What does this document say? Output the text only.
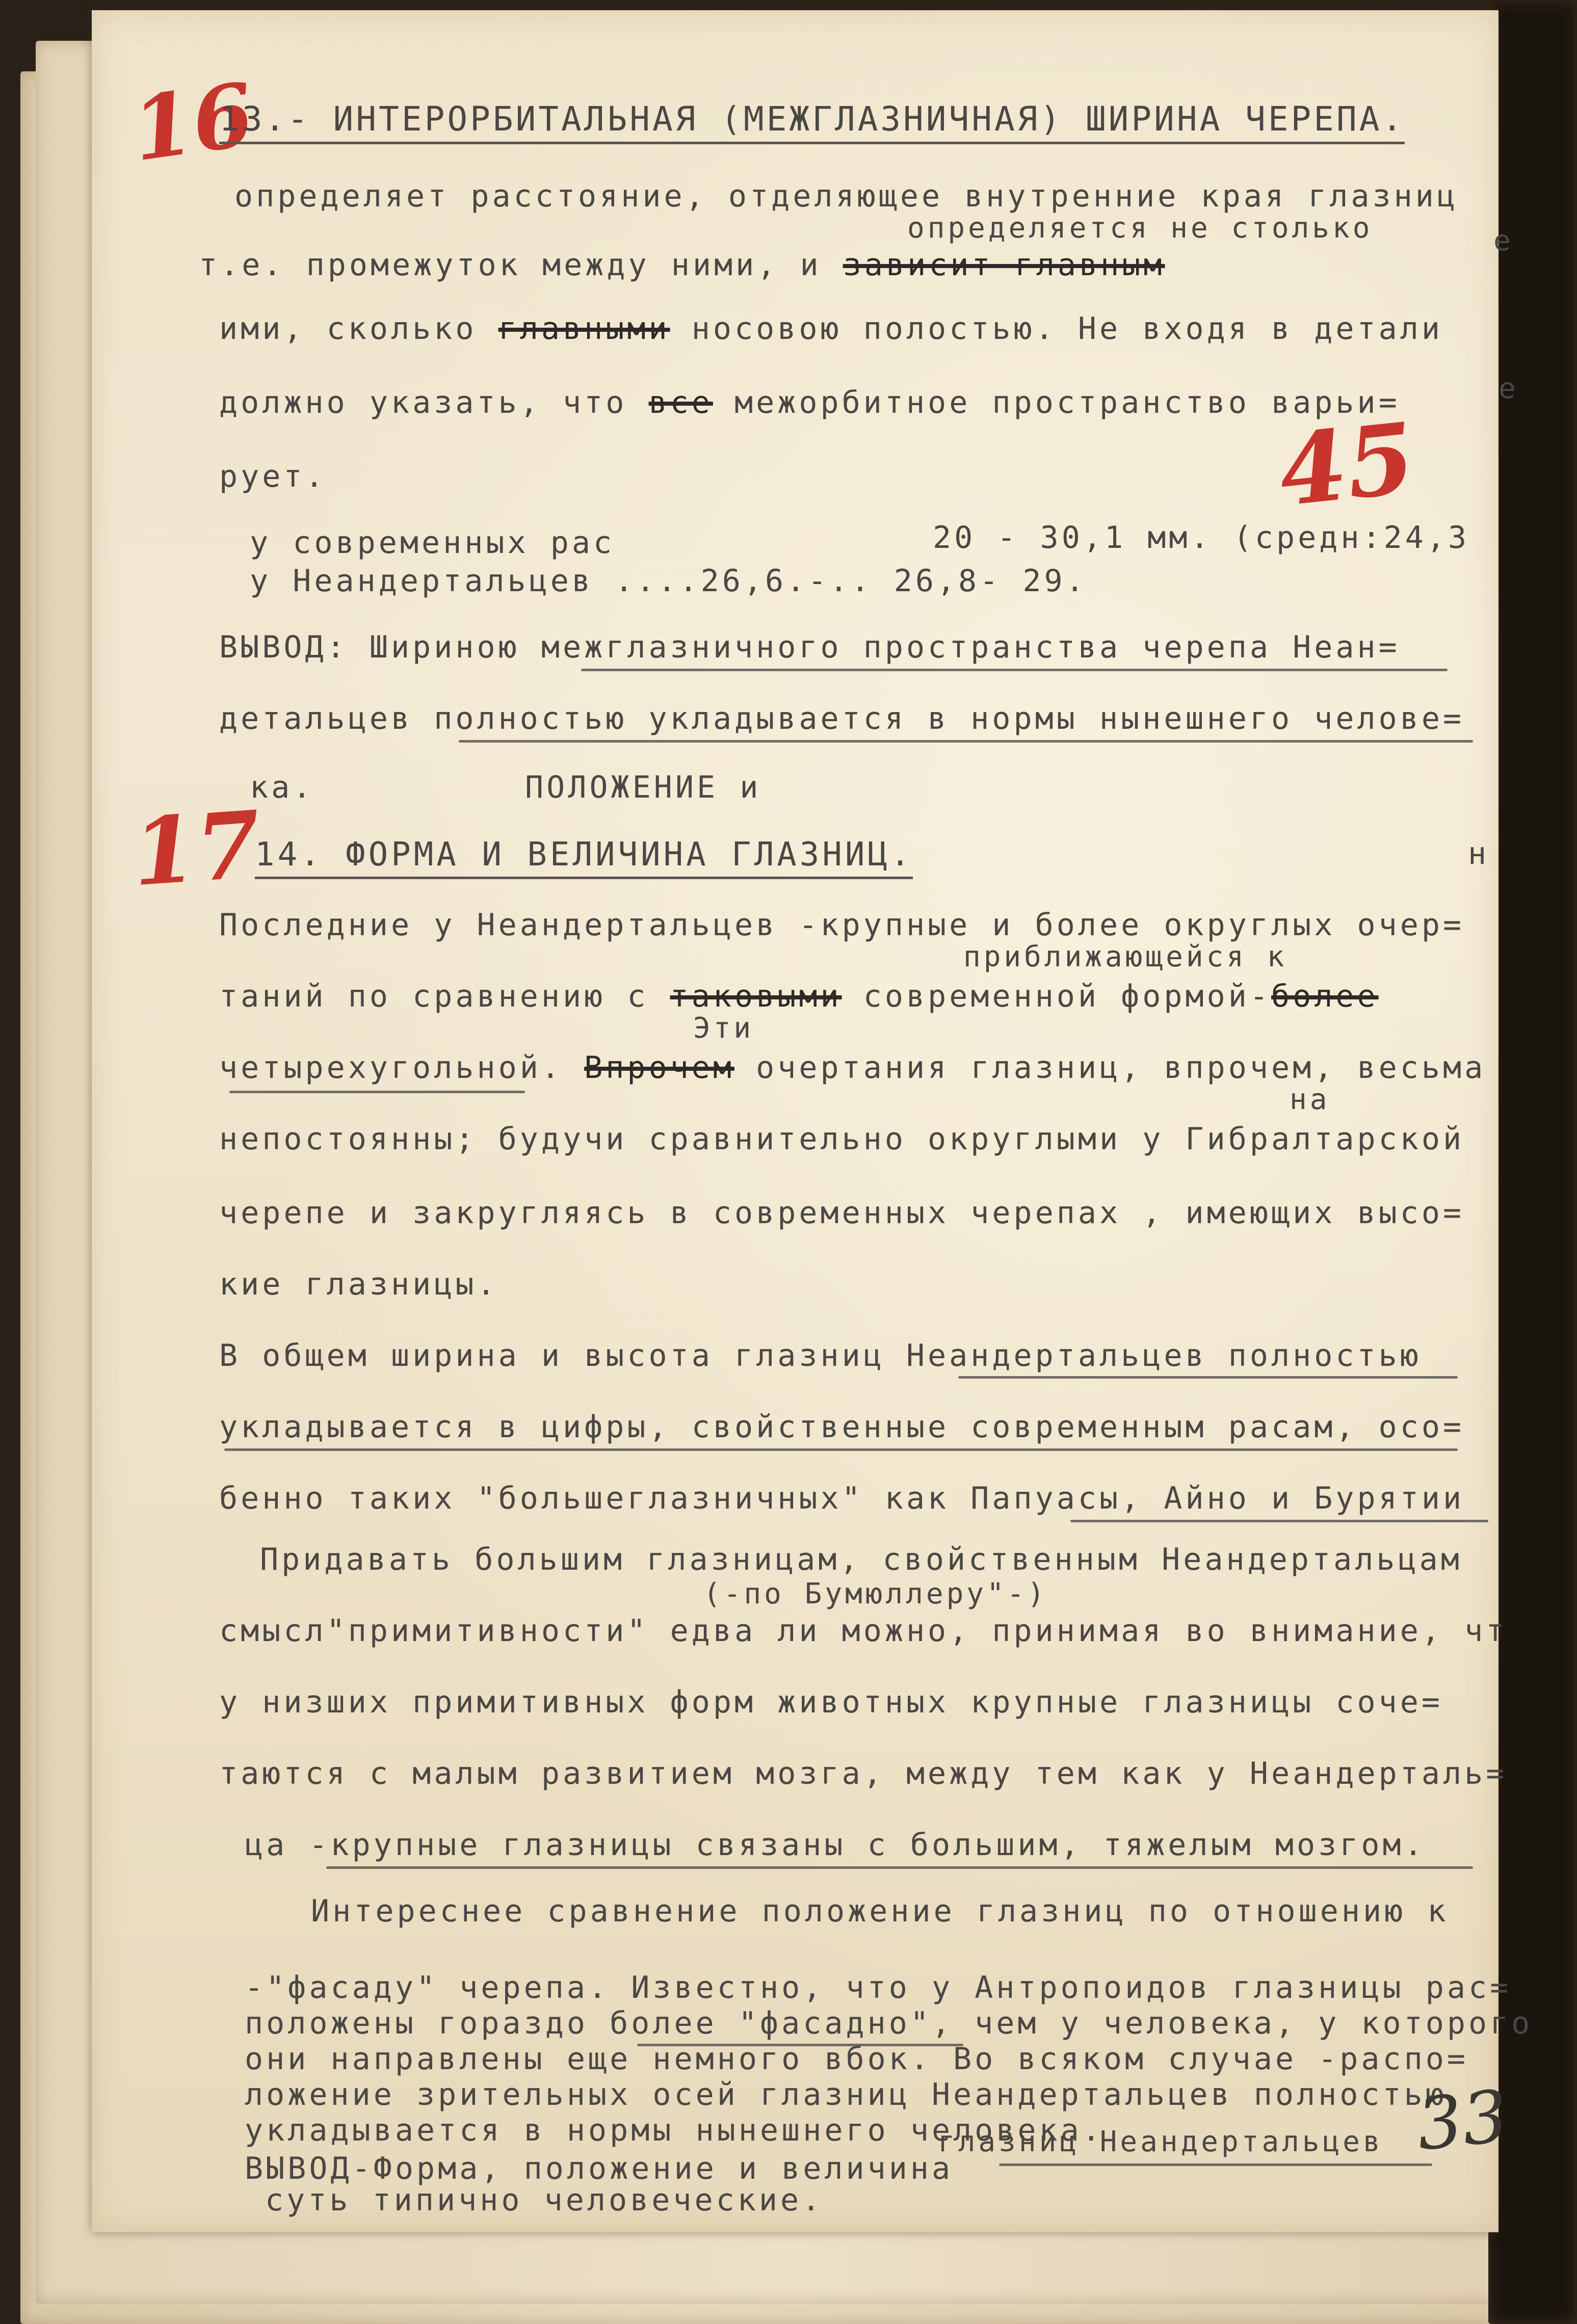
16
45
17
е
е
13.- ИНТЕРОРБИТАЛЬНАЯ (МЕЖГЛАЗНИЧНАЯ) ШИРИНА ЧЕРЕПА.
определяет расстояние, отделяющее внутренние края глазниц
определяется не столько
т.е. промежуток между ними, и зависит главным
ими, сколько главными носовою полостью. Не входя в детали
должно указать, что все межорбитное пространство варьи=
рует.
у современных рас	20 - 30,1 мм. (средн:24,3
у Неандертальцев ....26,6.-.. 26,8- 29.
ВЫВОД: Шириною межглазничного пространства черепа Неан=
детальцев полностью укладывается в нормы нынешнего челове=
ка.	ПОЛОЖЕНИЕ и
14. ФОРМА И ВЕЛИЧИНА ГЛАЗНИЦ.	н
Последние у Неандертальцев -крупные и более округлых очер=
приближающейся к
таний по сравнению с таковыми современной формой-более
Эти
четырехугольной. Впрочем очертания глазниц, впрочем, весьма
на
непостоянны; будучи сравнительно округлыми у Гибралтарской
черепе и закругляясь в современных черепах , имеющих высо=
кие глазницы.
В общем ширина и высота глазниц Неандертальцев полностью
укладывается в цифры, свойственные современным расам, осо=
бенно таких "большеглазничных" как Папуасы, Айно и Бурятии
Придавать большим глазницам, свойственным Неандертальцам
(-по Бумюллеру"-)
смысл"примитивности" едва ли можно, принимая во внимание, чт
у низших примитивных форм животных крупные глазницы соче=
таются с малым развитием мозга, между тем как у Неандерталь=
ца -крупные глазницы связаны с большим, тяжелым мозгом.
Интереснее сравнение положение глазниц по отношению к
-"фасаду" черепа. Известно, что у Антропоидов глазницы рас=
положены гораздо более "фасадно", чем у человека, у которого
они направлены еще немного вбок. Во всяком случае -распо=
ложение зрительных осей глазниц Неандертальцев полностью
укладывается в нормы нынешнего человека.
глазниц Неандертальцев
ВЫВОД-Форма, положение и величина
суть типично человеческие.
33
